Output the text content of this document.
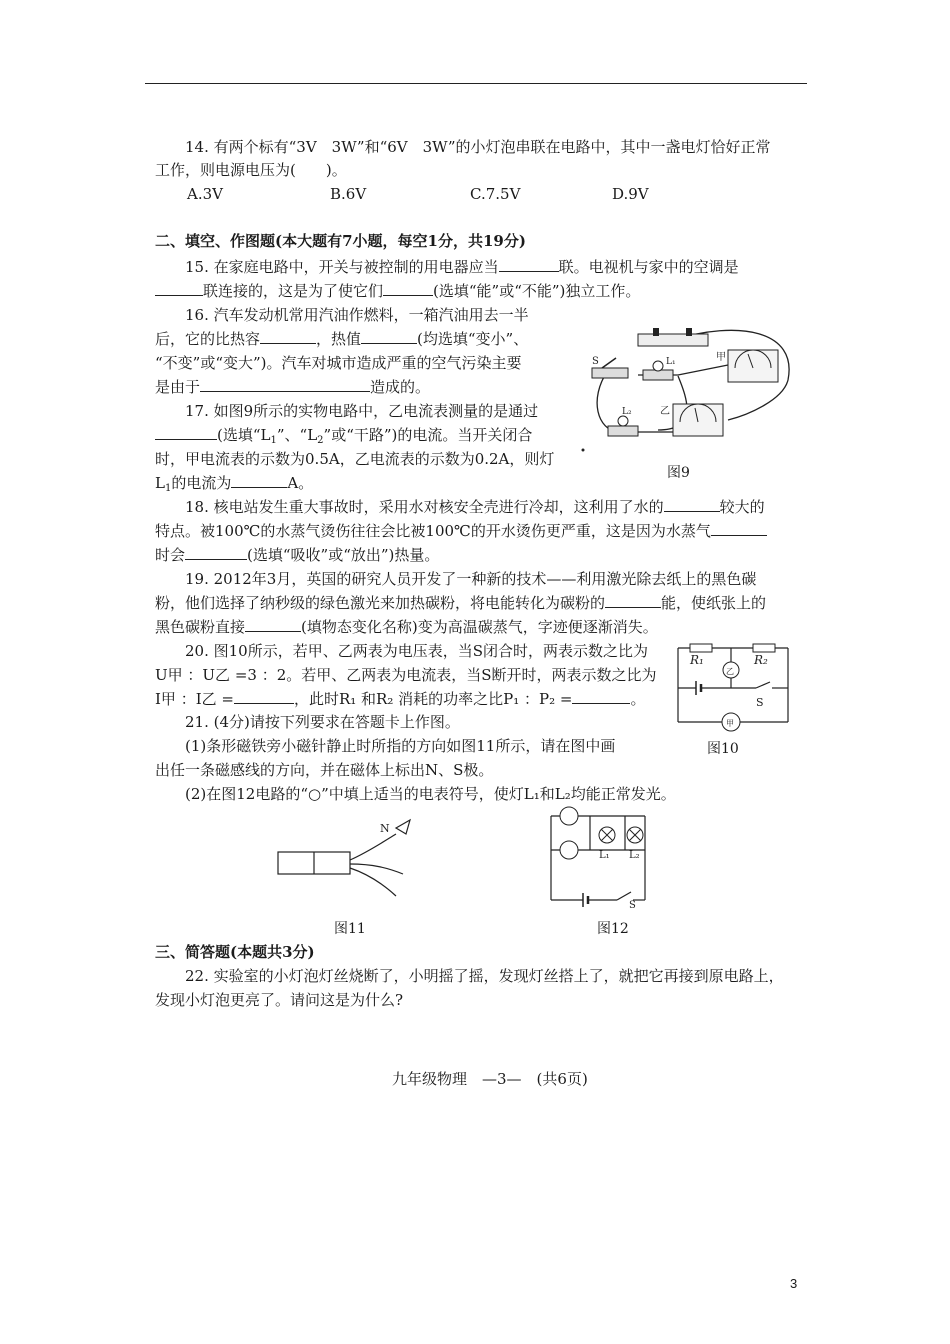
14. 有两个标有“3V　3W”和“6V　3W”的小灯泡串联在电路中，其中一盏电灯恰好正常
工作，则电源电压为(　　)。
A.3V	B.6V	C.7.5V	D.9V
二、填空、作图题(本大题有7小题，每空1分，共19分)
15. 在家庭电路中，开关与被控制的用电器应当	联。电视机与家中的空调是
联连接的，这是为了使它们	(选填“能”或“不能”)独立工作。
16. 汽车发动机常用汽油作燃料，一箱汽油用去一半
后，它的比热容	，热值	(均选填“变小”、
“不变”或“变大”)。汽车对城市造成严重的空气污染主要
是由于	造成的。
17. 如图9所示的实物电路中，乙电流表测量的是通过
(选填“$L_1$”、“$L_2$”或“干路”)的电流。当开关闭合
时，甲电流表的示数为0.5A，乙电流表的示数为0.2A，则灯
$L_1$的电流为	A。
S	L₁	甲
L₂	乙
图9
18. 核电站发生重大事故时，采用水对核安全壳进行冷却，这利用了水的	较大的
特点。被100℃的水蒸气烫伤往往会比被100℃的开水烫伤更严重，这是因为水蒸气
时会	(选填“吸收”或“放出”)热量。
19. 2012年3月，英国的研究人员开发了一种新的技术——利用激光除去纸上的黑色碳
粉，他们选择了纳秒级的绿色激光来加热碳粉，将电能转化为碳粉的	能，使纸张上的
黑色碳粉直接	(填物态变化名称)变为高温碳蒸气，字迹便逐渐消失。
20. 图10所示，若甲、乙两表为电压表，当S闭合时，两表示数之比为
U甲 ：U乙 =3 ：2。若甲、乙两表为电流表，当S断开时，两表示数之比为
I甲 ：I乙 =	，此时R₁ 和R₂ 消耗的功率之比P₁ ：P₂ =	。
R₁	R₂
乙
甲
S
图10
21. (4分)请按下列要求在答题卡上作图。
(1)条形磁铁旁小磁针静止时所指的方向如图11所示，请在图中画
出任一条磁感线的方向，并在磁体上标出N、S极。
(2)在图12电路的“○”中填上适当的电表符号，使灯L₁和L₂均能正常发光。
N
图11
L₁ L₂
S
图12
三、简答题(本题共3分)
22. 实验室的小灯泡灯丝烧断了，小明摇了摇，发现灯丝搭上了，就把它再接到原电路上，
发现小灯泡更亮了。请问这是为什么?
九年级物理　—3—　(共6页)
3
